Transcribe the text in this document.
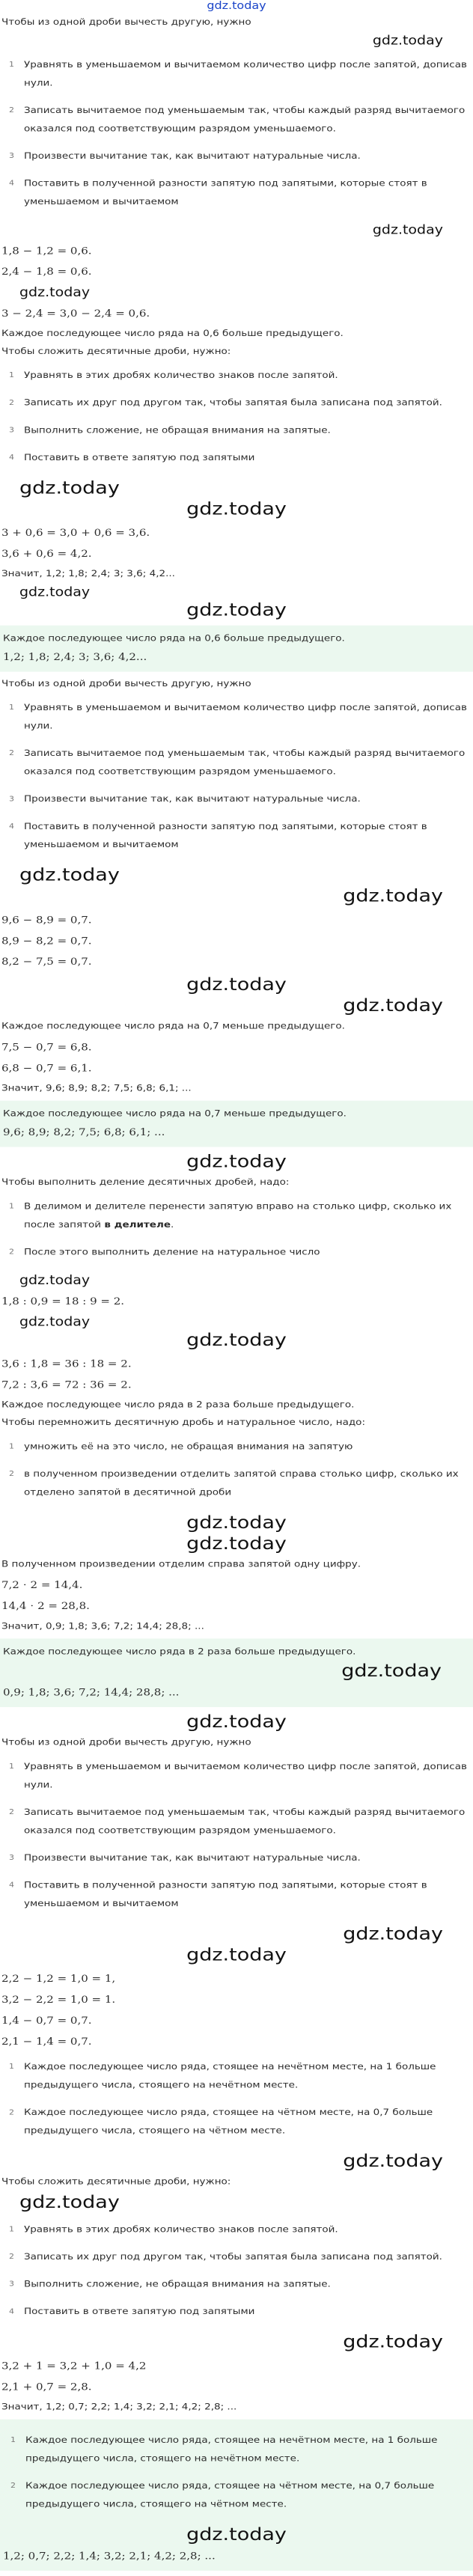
gdz.today

Чтобы из одной дроби вычесть другую, нужно

gdz.today
1 Уравнять в уменьшаемом и вычитаемом количество цифр после запятой, дописав нули.
2 Записать вычитаемое под уменьшаемым так, чтобы каждый разряд вычитаемого оказался под соответствующим разрядом уменьшаемого.
3 Произвести вычитание так, как вычитают натуральные числа.
4 Поставить в полученной разности запятую под запятыми, которые стоят в уменьшаемом и вычитаемом
gdz.today
1,8 − 1,2 = 0,6.
2,4 − 1,8 = 0,6.
gdz.today
3 − 2,4 = 3,0 − 2,4 = 0,6.

Каждое последующее число ряда на 0,6 больше предыдущего.

Чтобы сложить десятичные дроби, нужно:

1 Уравнять в этих дробях количество знаков после запятой.
2 Записать их друг под другом так, чтобы запятая была записана под запятой.
3 Выполнить сложение, не обращая внимания на запятые.
4 Поставить в ответе запятую под запятыми
gdz.today
gdz.today
3 + 0,6 = 3,0 + 0,6 = 3,6.
3,6 + 0,6 = 4,2.

Значит, 1,2; 1,8; 2,4; 3; 3,6; 4,2...

gdz.today
gdz.today

Каждое последующее число ряда на 0,6 больше предыдущего.

1,2; 1,8; 2,4; 3; 3,6; 4,2...

Чтобы из одной дроби вычесть другую, нужно

1 Уравнять в уменьшаемом и вычитаемом количество цифр после запятой, дописав нули.
2 Записать вычитаемое под уменьшаемым так, чтобы каждый разряд вычитаемого оказался под соответствующим разрядом уменьшаемого.
3 Произвести вычитание так, как вычитают натуральные числа.
4 Поставить в полученной разности запятую под запятыми, которые стоят в уменьшаемом и вычитаемом
gdz.today
gdz.today
9,6 − 8,9 = 0,7.
8,9 − 8,2 = 0,7.
8,2 − 7,5 = 0,7.
gdz.today
gdz.today

Каждое последующее число ряда на 0,7 меньше предыдущего.

7,5 − 0,7 = 6,8.
6,8 − 0,7 = 6,1.

Значит, 9,6; 8,9; 8,2; 7,5; 6,8; 6,1; ...

Каждое последующее число ряда на 0,7 меньше предыдущего.

9,6; 8,9; 8,2; 7,5; 6,8; 6,1; ...
gdz.today

Чтобы выполнить деление десятичных дробей, надо:

1 В делимом и делителе перенести запятую вправо на столько цифр, сколько их после запятой в делителе.
2 После этого выполнить деление на натуральное число
gdz.today
1,8 : 0,9 = 18 : 9 = 2.
gdz.today
gdz.today
3,6 : 1,8 = 36 : 18 = 2.
7,2 : 3,6 = 72 : 36 = 2.

Каждое последующее число ряда в 2 раза больше предыдущего.

Чтобы перемножить десятичную дробь и натуральное число, надо:

1 умножить её на это число, не обращая внимания на запятую
2 в полученном произведении отделить запятой справа столько цифр, сколько их отделено запятой в десятичной дроби
gdz.today
gdz.today

В полученном произведении отделим справа запятой одну цифру.

7,2 ⋅ 2 = 14,4.
14,4 ⋅ 2 = 28,8.

Значит, 0,9; 1,8; 3,6; 7,2; 14,4; 28,8; ...

Каждое последующее число ряда в 2 раза больше предыдущего.

gdz.today
0,9; 1,8; 3,6; 7,2; 14,4; 28,8; ...
gdz.today

Чтобы из одной дроби вычесть другую, нужно

1 Уравнять в уменьшаемом и вычитаемом количество цифр после запятой, дописав нули.
2 Записать вычитаемое под уменьшаемым так, чтобы каждый разряд вычитаемого оказался под соответствующим разрядом уменьшаемого.
3 Произвести вычитание так, как вычитают натуральные числа.
4 Поставить в полученной разности запятую под запятыми, которые стоят в уменьшаемом и вычитаемом
gdz.today
gdz.today
2,2 − 1,2 = 1,0 = 1,
3,2 − 2,2 = 1,0 = 1.
1,4 − 0,7 = 0,7.
2,1 − 1,4 = 0,7.
1 Каждое последующее число ряда, стоящее на нечётном месте, на 1 больше предыдущего числа, стоящего на нечётном месте.
2 Каждое последующее число ряда, стоящее на чётном месте, на 0,7 больше предыдущего числа, стоящего на чётном месте.
gdz.today

Чтобы сложить десятичные дроби, нужно:

gdz.today
1 Уравнять в этих дробях количество знаков после запятой.
2 Записать их друг под другом так, чтобы запятая была записана под запятой.
3 Выполнить сложение, не обращая внимания на запятые.
4 Поставить в ответе запятую под запятыми
gdz.today
3,2 + 1 = 3,2 + 1,0 = 4,2
2,1 + 0,7 = 2,8.

Значит, 1,2; 0,7; 2,2; 1,4; 3,2; 2,1; 4,2; 2,8; ...

1 Каждое последующее число ряда, стоящее на нечётном месте, на 1 больше предыдущего числа, стоящего на нечётном месте.
2 Каждое последующее число ряда, стоящее на чётном месте, на 0,7 больше предыдущего числа, стоящего на чётном месте.
gdz.today
1,2; 0,7; 2,2; 1,4; 3,2; 2,1; 4,2; 2,8; ...
